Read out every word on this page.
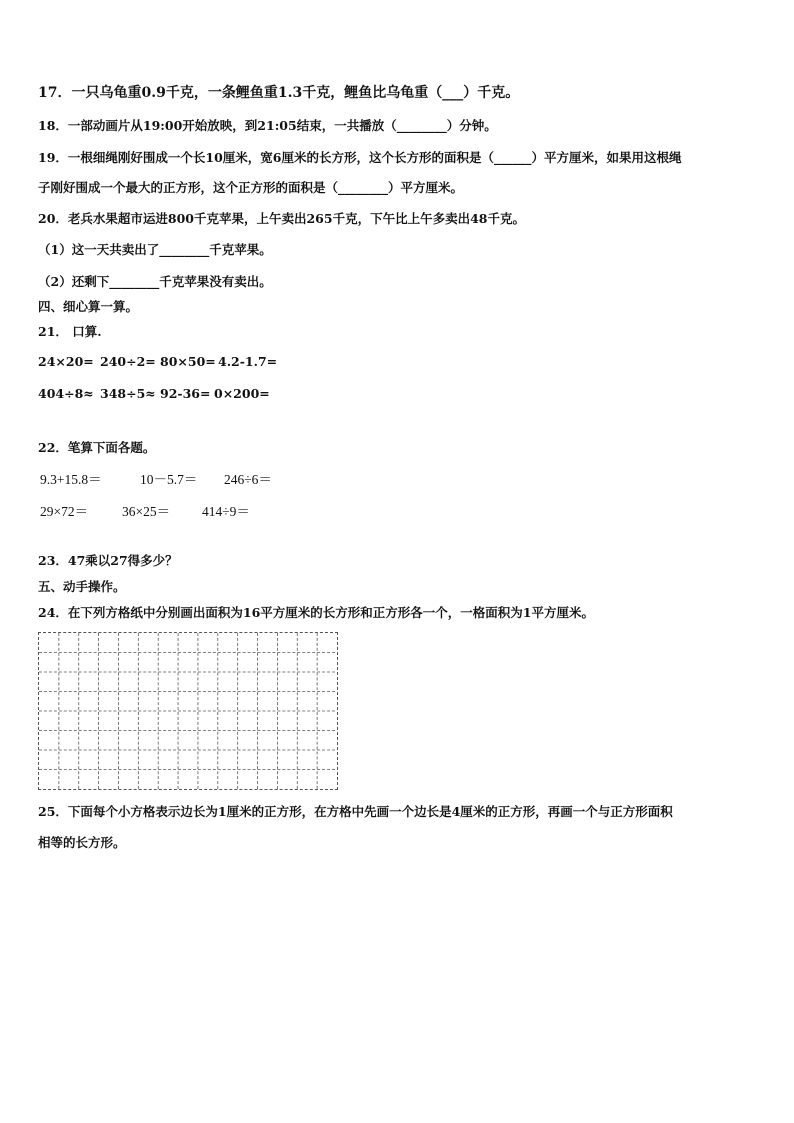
17．一只乌龟重0.9千克，一条鲤鱼重1.3千克，鲤鱼比乌龟重（___）千克。
18．一部动画片从19:00开始放映，到21:05结束，一共播放（________）分钟。
19．一根细绳刚好围成一个长10厘米，宽6厘米的长方形，这个长方形的面积是（______）平方厘米，如果用这根绳
子刚好围成一个最大的正方形，这个正方形的面积是（________）平方厘米。
20．老兵水果超市运进800千克苹果，上午卖出265千克，下午比上午多卖出48千克。
（1）这一天共卖出了________千克苹果。
（2）还剩下________千克苹果没有卖出。
四、细心算一算。
21． 口算.
24×20= 240÷2= 80×50= 4.2-1.7=
404÷8≈ 348÷5≈ 92-36= 0×200=
22．笔算下面各题。
9.3+15.8＝	10－5.7＝ 246÷6＝
29×72＝	36×25＝ 414÷9＝
23．47乘以27得多少？
五、动手操作。
24．在下列方格纸中分别画出面积为16平方厘米的长方形和正方形各一个，一格面积为1平方厘米。
25．下面每个小方格表示边长为1厘米的正方形，在方格中先画一个边长是4厘米的正方形，再画一个与正方形面积
相等的长方形。
